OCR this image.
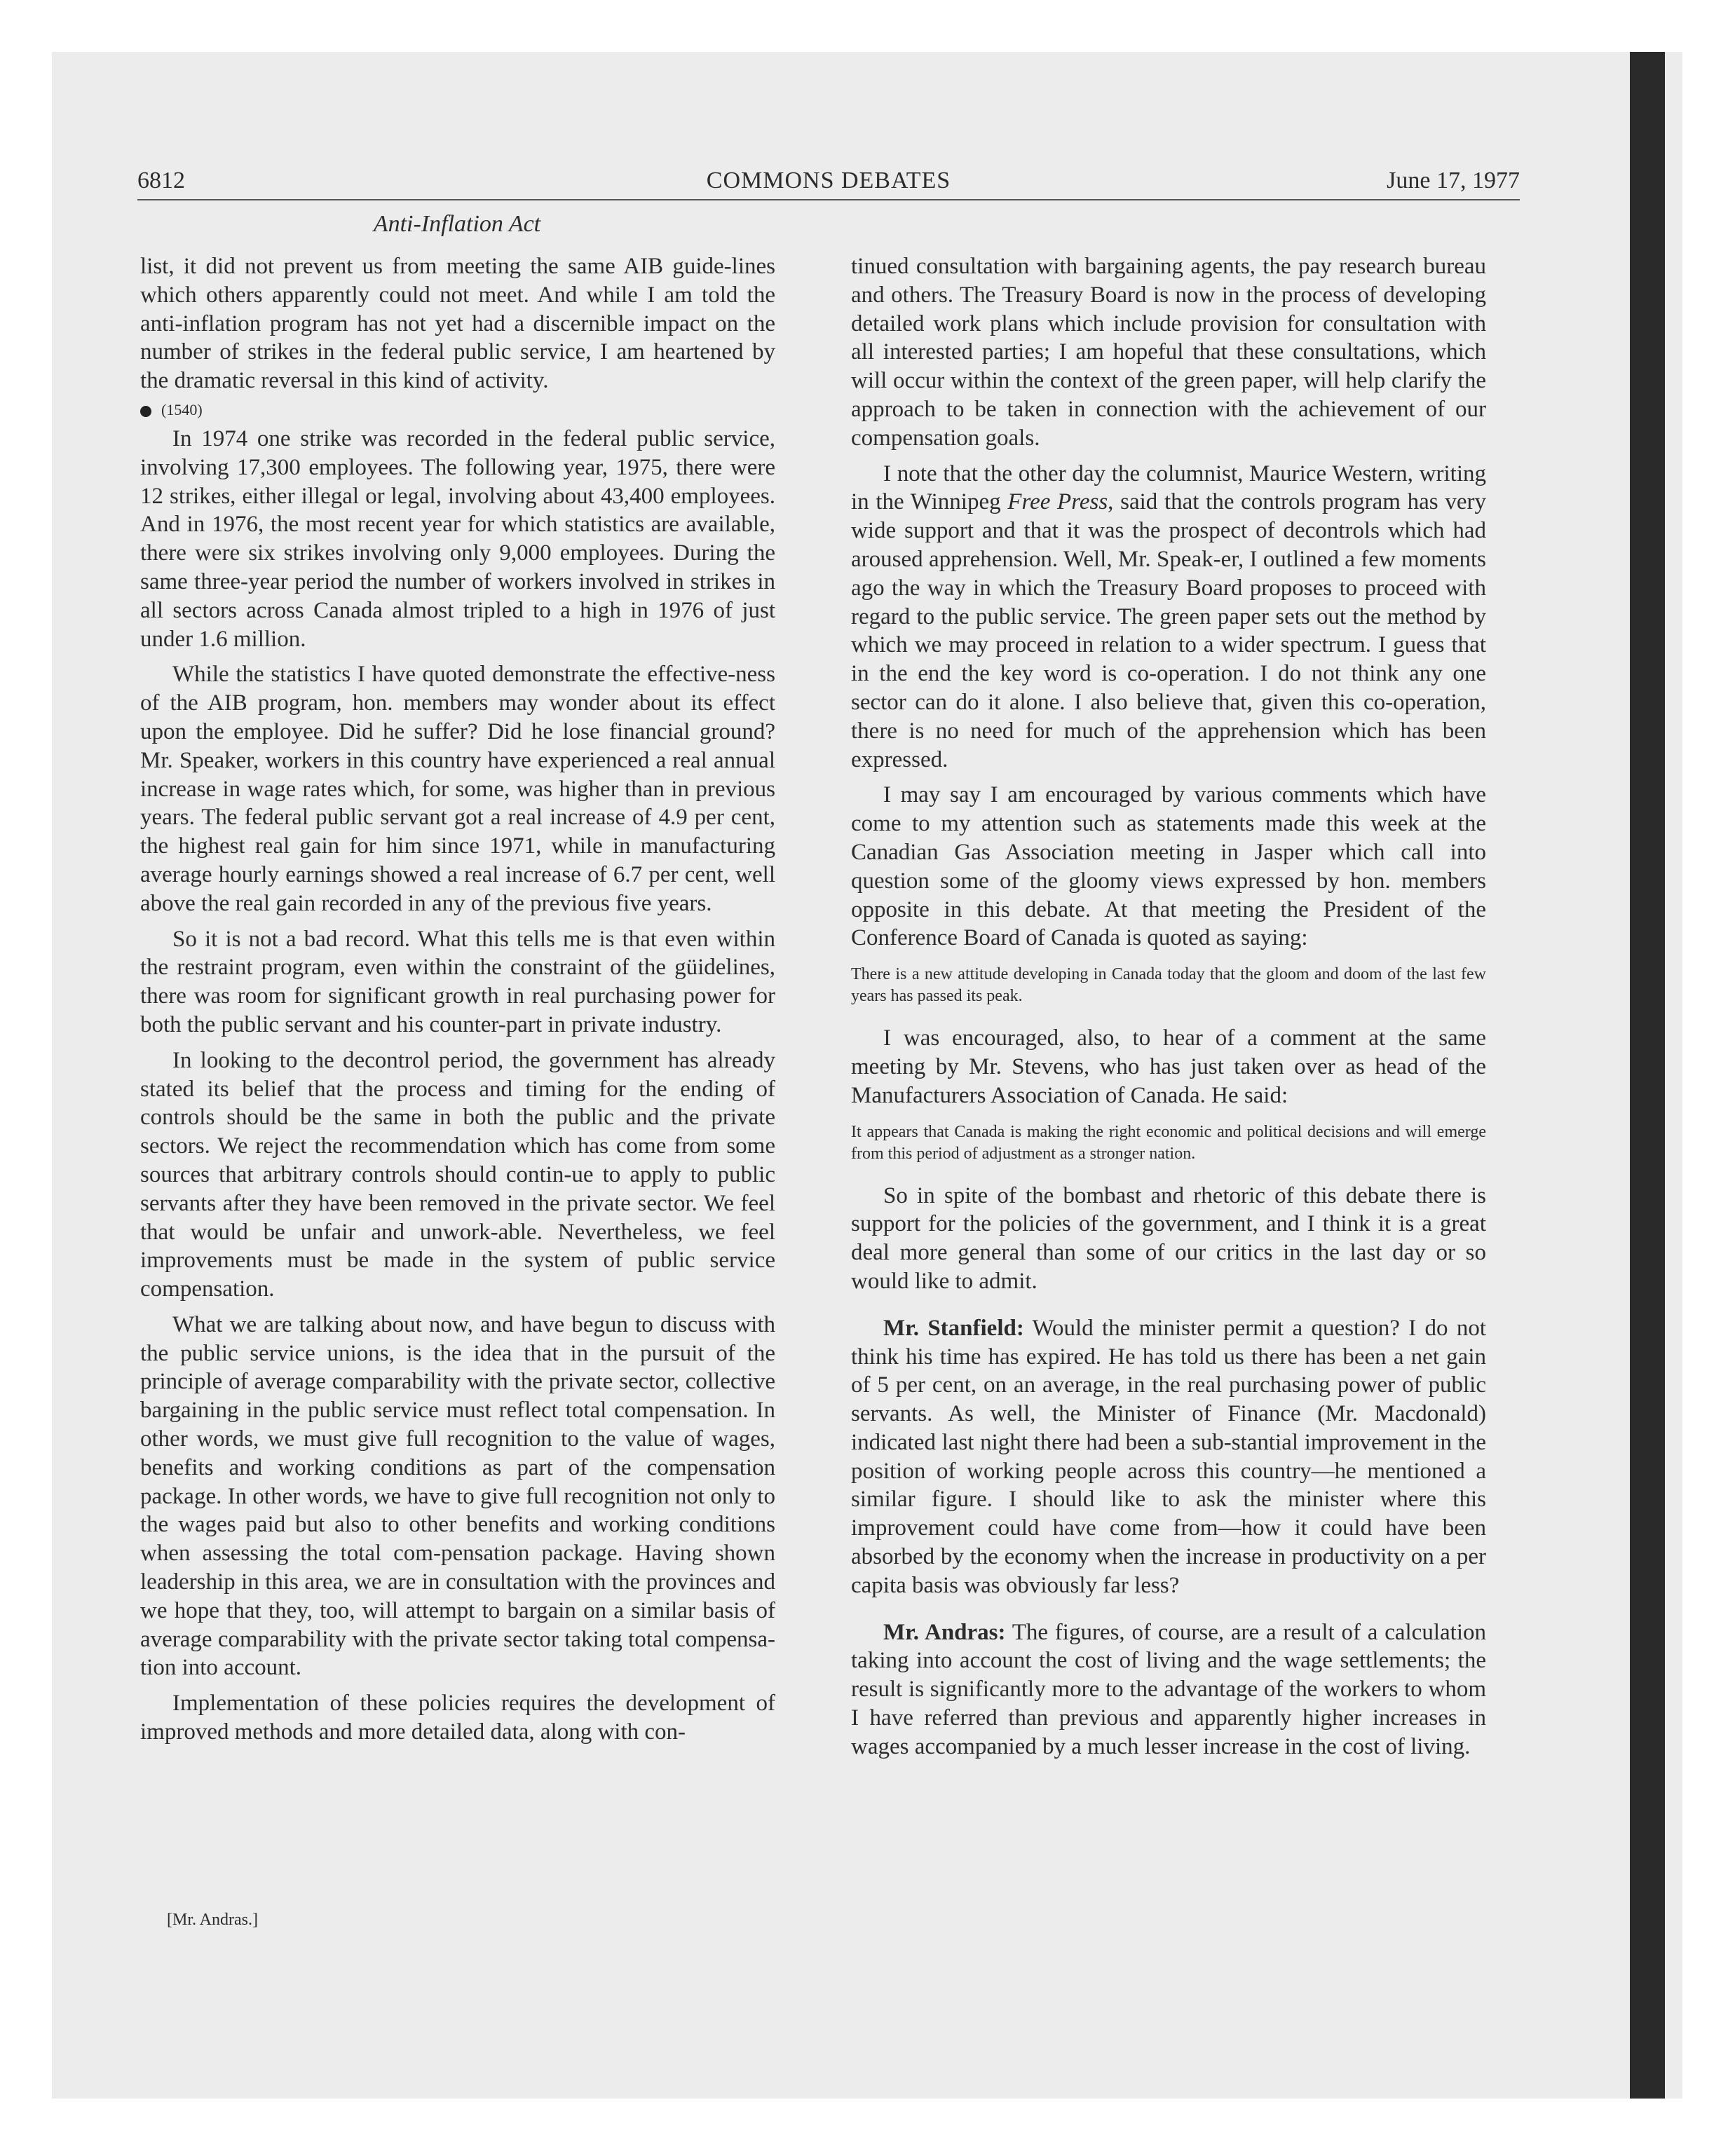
6812	COMMONS DEBATES	June 17, 1977
Anti-Inflation Act

list, it did not prevent us from meeting the same AIB guide-lines which others apparently could not meet. And while I am told the anti-inflation program has not yet had a discernible impact on the number of strikes in the federal public service, I am heartened by the dramatic reversal in this kind of activity.

(1540)

In 1974 one strike was recorded in the federal public service, involving 17,300 employees. The following year, 1975, there were 12 strikes, either illegal or legal, involving about 43,400 employees. And in 1976, the most recent year for which statistics are available, there were six strikes involving only 9,000 employees. During the same three-year period the number of workers involved in strikes in all sectors across Canada almost tripled to a high in 1976 of just under 1.6 million.

While the statistics I have quoted demonstrate the effective-ness of the AIB program, hon. members may wonder about its effect upon the employee. Did he suffer? Did he lose financial ground? Mr. Speaker, workers in this country have experienced a real annual increase in wage rates which, for some, was higher than in previous years. The federal public servant got a real increase of 4.9 per cent, the highest real gain for him since 1971, while in manufacturing average hourly earnings showed a real increase of 6.7 per cent, well above the real gain recorded in any of the previous five years.

So it is not a bad record. What this tells me is that even within the restraint program, even within the constraint of the güidelines, there was room for significant growth in real purchasing power for both the public servant and his counter-part in private industry.

In looking to the decontrol period, the government has already stated its belief that the process and timing for the ending of controls should be the same in both the public and the private sectors. We reject the recommendation which has come from some sources that arbitrary controls should contin-ue to apply to public servants after they have been removed in the private sector. We feel that would be unfair and unwork-able. Nevertheless, we feel improvements must be made in the system of public service compensation.

What we are talking about now, and have begun to discuss with the public service unions, is the idea that in the pursuit of the principle of average comparability with the private sector, collective bargaining in the public service must reflect total compensation. In other words, we must give full recognition to the value of wages, benefits and working conditions as part of the compensation package. In other words, we have to give full recognition not only to the wages paid but also to other benefits and working conditions when assessing the total com-pensation package. Having shown leadership in this area, we are in consultation with the provinces and we hope that they, too, will attempt to bargain on a similar basis of average comparability with the private sector taking total compensa-tion into account.

Implementation of these policies requires the development of improved methods and more detailed data, along with con-

[Mr. Andras.]

tinued consultation with bargaining agents, the pay research bureau and others. The Treasury Board is now in the process of developing detailed work plans which include provision for consultation with all interested parties; I am hopeful that these consultations, which will occur within the context of the green paper, will help clarify the approach to be taken in connection with the achievement of our compensation goals.

I note that the other day the columnist, Maurice Western, writing in the Winnipeg Free Press, said that the controls program has very wide support and that it was the prospect of decontrols which had aroused apprehension. Well, Mr. Speak-er, I outlined a few moments ago the way in which the Treasury Board proposes to proceed with regard to the public service. The green paper sets out the method by which we may proceed in relation to a wider spectrum. I guess that in the end the key word is co-operation. I do not think any one sector can do it alone. I also believe that, given this co-operation, there is no need for much of the apprehension which has been expressed.

I may say I am encouraged by various comments which have come to my attention such as statements made this week at the Canadian Gas Association meeting in Jasper which call into question some of the gloomy views expressed by hon. members opposite in this debate. At that meeting the President of the Conference Board of Canada is quoted as saying:

There is a new attitude developing in Canada today that the gloom and doom of the last few years has passed its peak.

I was encouraged, also, to hear of a comment at the same meeting by Mr. Stevens, who has just taken over as head of the Manufacturers Association of Canada. He said:

It appears that Canada is making the right economic and political decisions and will emerge from this period of adjustment as a stronger nation.

So in spite of the bombast and rhetoric of this debate there is support for the policies of the government, and I think it is a great deal more general than some of our critics in the last day or so would like to admit.

Mr. Stanfield: Would the minister permit a question? I do not think his time has expired. He has told us there has been a net gain of 5 per cent, on an average, in the real purchasing power of public servants. As well, the Minister of Finance (Mr. Macdonald) indicated last night there had been a sub-stantial improvement in the position of working people across this country—he mentioned a similar figure. I should like to ask the minister where this improvement could have come from—how it could have been absorbed by the economy when the increase in productivity on a per capita basis was obviously far less?

Mr. Andras: The figures, of course, are a result of a calculation taking into account the cost of living and the wage settlements; the result is significantly more to the advantage of the workers to whom I have referred than previous and apparently higher increases in wages accompanied by a much lesser increase in the cost of living.
